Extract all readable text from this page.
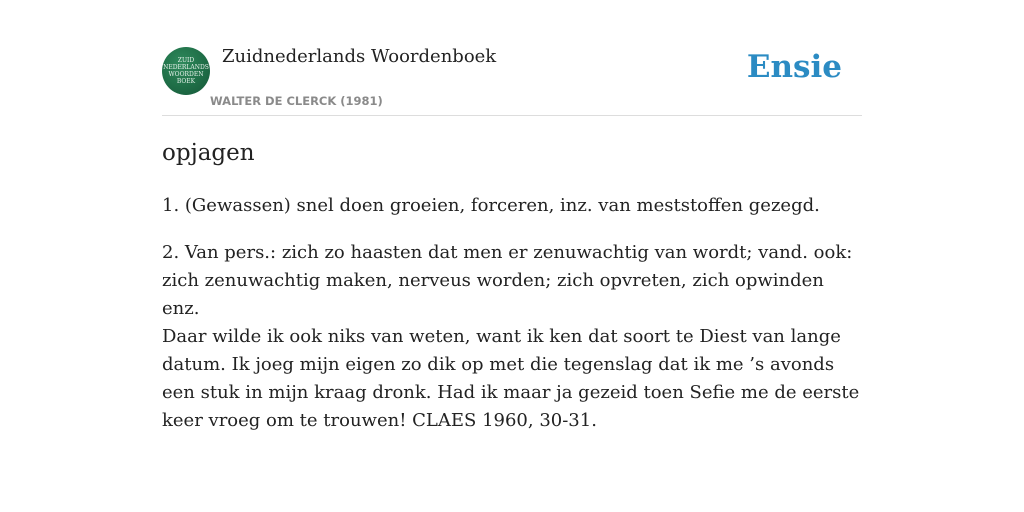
ZUID
NEDERLANDS
WOORDEN
BOEK
Zuidnederlands Woordenboek
WALTER DE CLERCK (1981)
Ensie
opjagen
1. (Gewassen) snel doen groeien, forceren, inz. van meststoffen gezegd.
2. Van pers.: zich zo haasten dat men er zenuwachtig van wordt; vand. ook: zich zenuwachtig maken, nerveus worden; zich opvreten, zich opwinden enz.
Daar wilde ik ook niks van weten, want ik ken dat soort te Diest van lange datum. Ik joeg mijn eigen zo dik op met die tegenslag dat ik me ’s avonds een stuk in mijn kraag dronk. Had ik maar ja gezeid toen Sefie me de eerste keer vroeg om te trouwen! CLAES 1960, 30-31.
